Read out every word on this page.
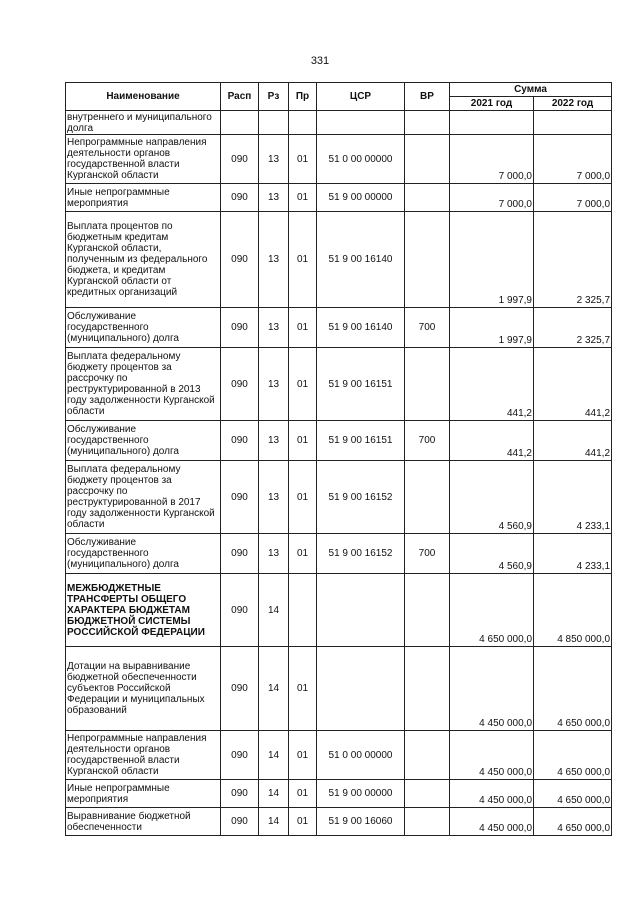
331
Наименование	Расп	Рз	Пр	ЦСР	ВР	Сумма	
						2021 год	2022 год
внутреннего и муниципального долга							
Непрограммные направления деятельности органов государственной власти Курганской области	090	13	01	51 0 00 00000		7 000,0	7 000,0
Иные непрограммные мероприятия	090	13	01	51 9 00 00000		7 000,0	7 000,0
Выплата процентов по бюджетным кредитам Курганской области, полученным из федерального бюджета, и кредитам Курганской области от кредитных организаций	090	13	01	51 9 00 16140		1 997,9	2 325,7
Обслуживание государственного (муниципального) долга	090	13	01	51 9 00 16140	700	1 997,9	2 325,7
Выплата федеральному бюджету процентов за рассрочку по реструктурированной в 2013 году задолженности Курганской области	090	13	01	51 9 00 16151		441,2	441,2
Обслуживание государственного (муниципального) долга	090	13	01	51 9 00 16151	700	441,2	441,2
Выплата федеральному бюджету процентов за рассрочку по реструктурированной в 2017 году задолженности Курганской области	090	13	01	51 9 00 16152		4 560,9	4 233,1
Обслуживание государственного (муниципального) долга	090	13	01	51 9 00 16152	700	4 560,9	4 233,1
МЕЖБЮДЖЕТНЫЕ ТРАНСФЕРТЫ ОБЩЕГО ХАРАКТЕРА БЮДЖЕТАМ БЮДЖЕТНОЙ СИСТЕМЫ РОССИЙСКОЙ ФЕДЕРАЦИИ	090	14				4 650 000,0	4 850 000,0
Дотации на выравнивание бюджетной обеспеченности субъектов Российской Федерации и муниципальных образований	090	14	01			4 450 000,0	4 650 000,0
Непрограммные направления деятельности органов государственной власти Курганской области	090	14	01	51 0 00 00000		4 450 000,0	4 650 000,0
Иные непрограммные мероприятия	090	14	01	51 9 00 00000		4 450 000,0	4 650 000,0
Выравнивание бюджетной обеспеченности	090	14	01	51 9 00 16060		4 450 000,0	4 650 000,0
